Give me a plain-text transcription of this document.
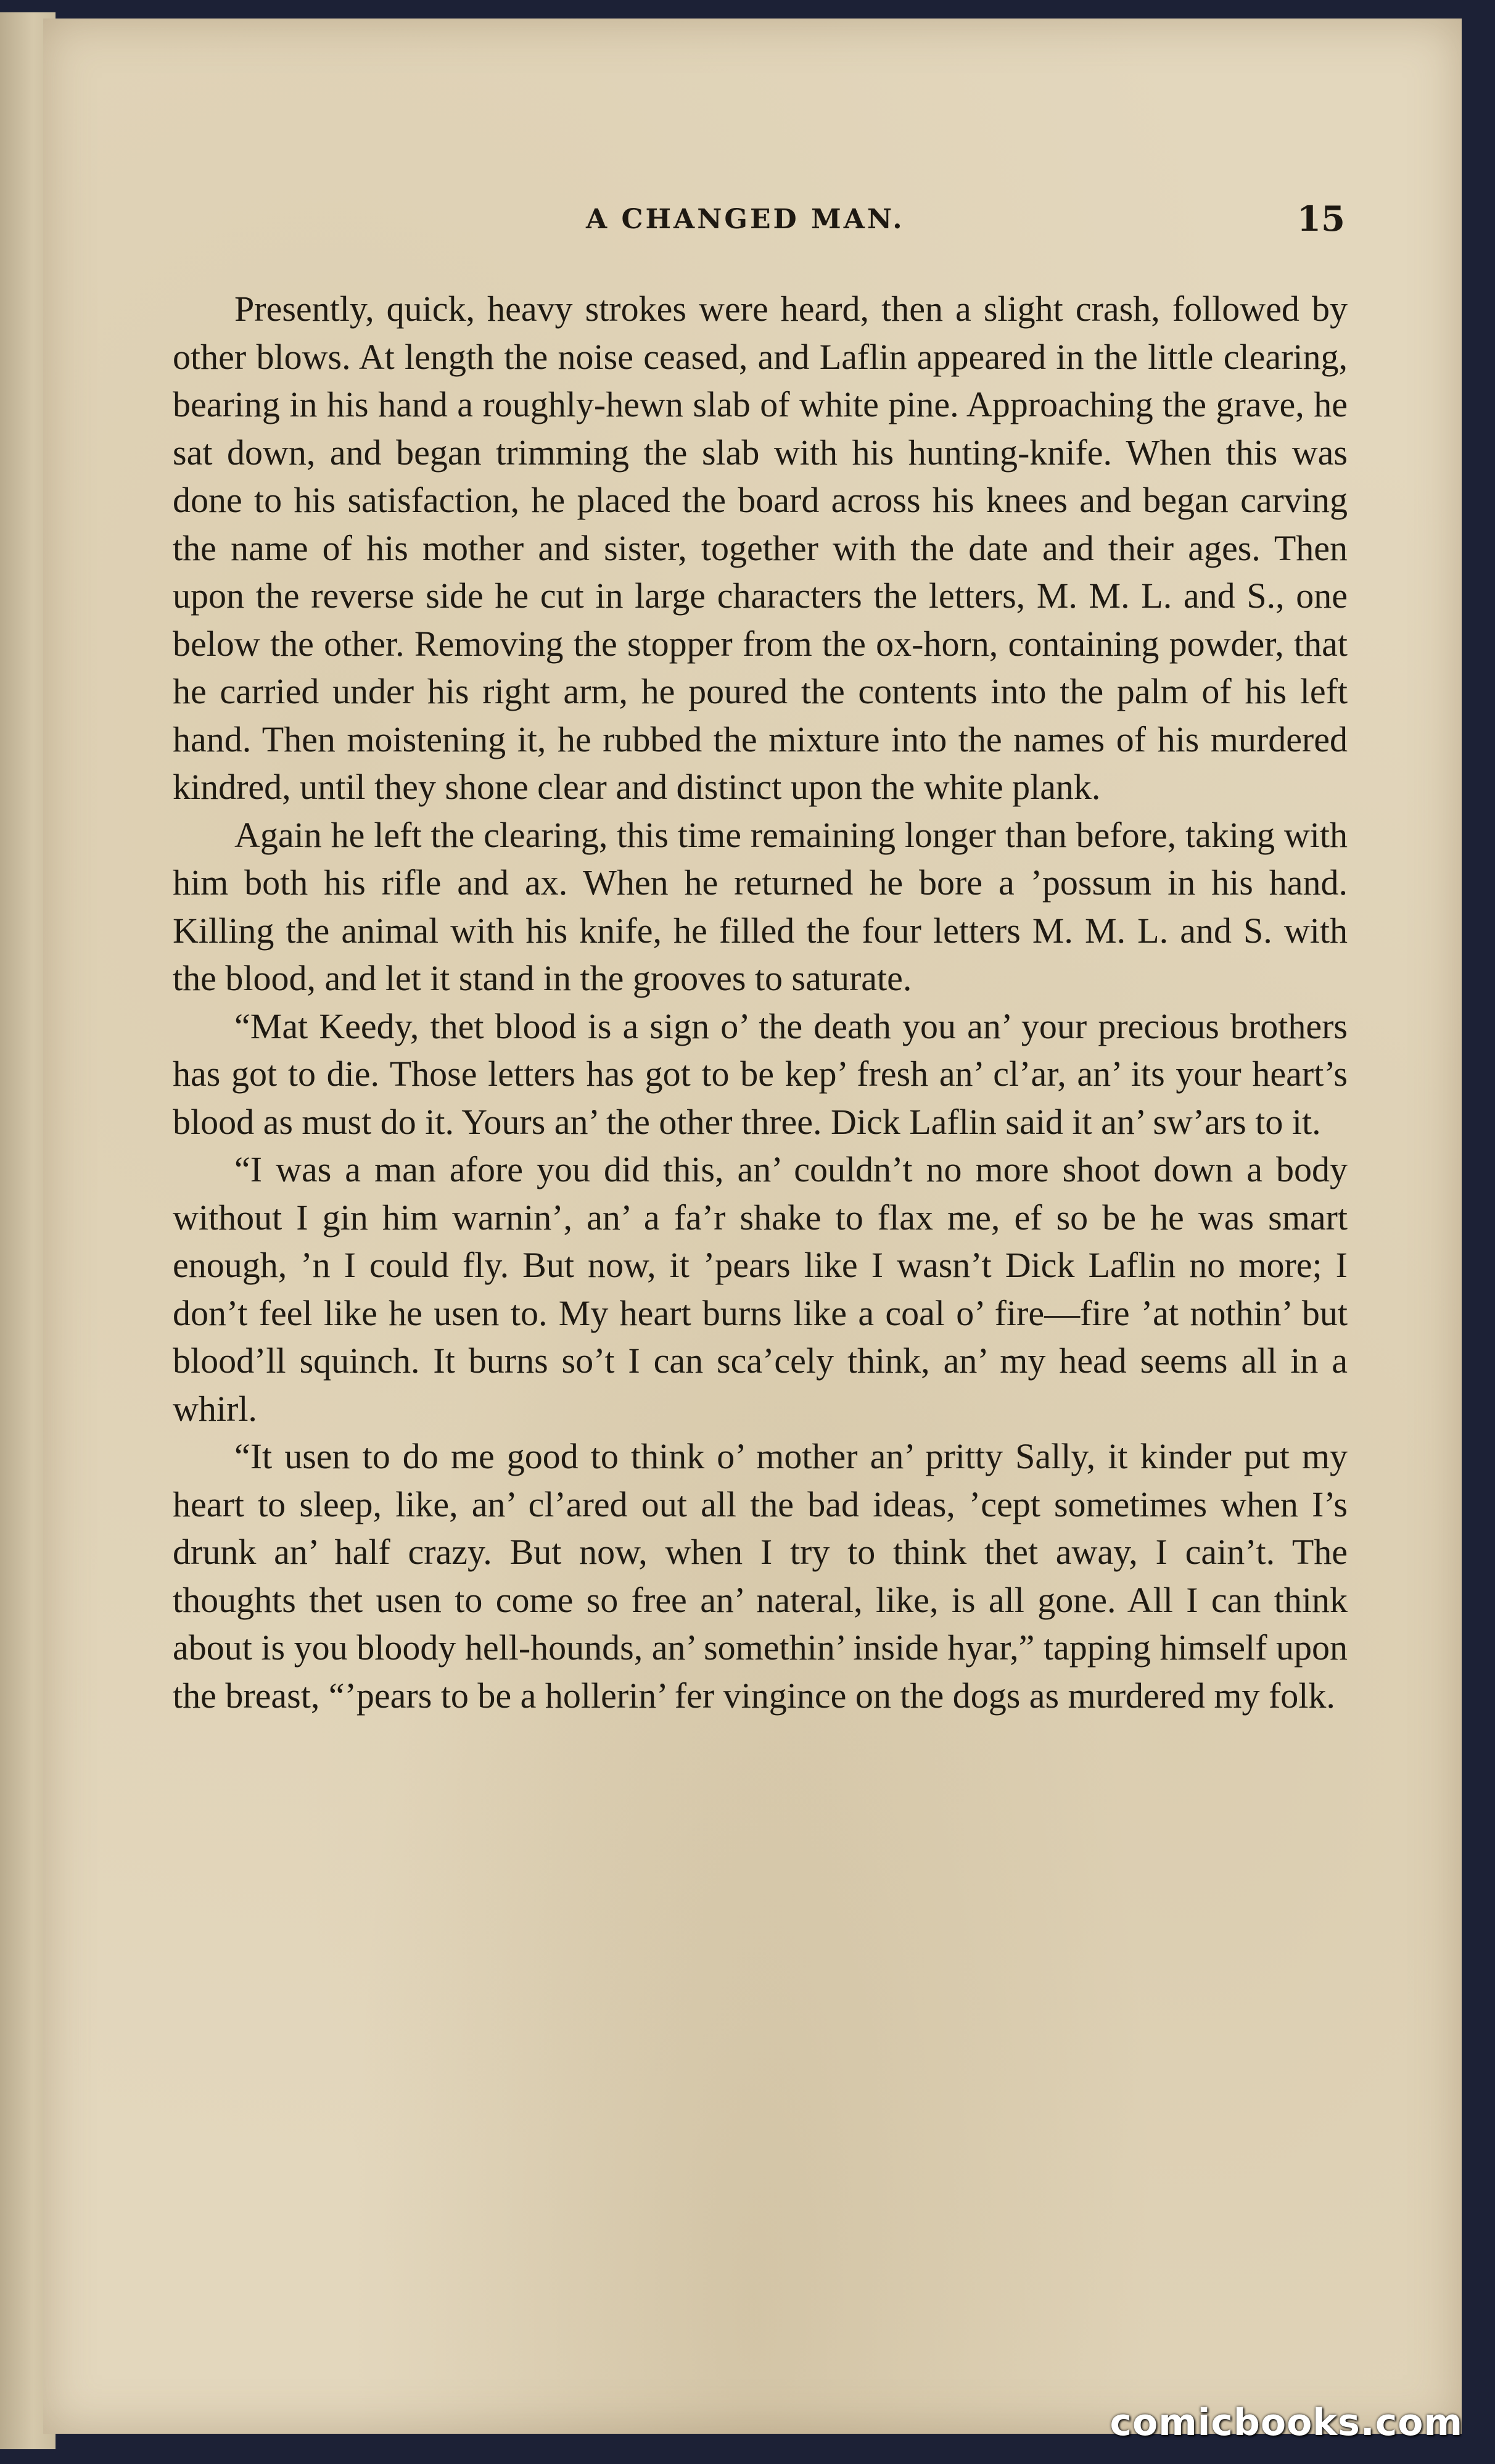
A CHANGED MAN.	15

Presently, quick, heavy strokes were heard, then a slight crash, followed by other blows. At length the noise ceased, and Laflin appeared in the little clearing, bearing in his hand a roughly-hewn slab of white pine. Approaching the grave, he sat down, and began trimming the slab with his hunting-knife. When this was done to his satisfaction, he placed the board across his knees and began carving the name of his mother and sister, together with the date and their ages. Then upon the reverse side he cut in large characters the letters, M. M. L. and S., one below the other. Removing the stopper from the ox-horn, containing powder, that he carried under his right arm, he poured the contents into the palm of his left hand. Then moistening it, he rubbed the mixture into the names of his murdered kindred, until they shone clear and distinct upon the white plank.

Again he left the clearing, this time remaining longer than before, taking with him both his rifle and ax. When he returned he bore a ’possum in his hand. Killing the animal with his knife, he filled the four letters M. M. L. and S. with the blood, and let it stand in the grooves to saturate.

“Mat Keedy, thet blood is a sign o’ the death you an’ your precious brothers has got to die. Those letters has got to be kep’ fresh an’ cl’ar, an’ its your heart’s blood as must do it. Yours an’ the other three. Dick Laflin said it an’ sw’ars to it.

“I was a man afore you did this, an’ couldn’t no more shoot down a body without I gin him warnin’, an’ a fa’r shake to flax me, ef so be he was smart enough, ’n I could fly. But now, it ’pears like I wasn’t Dick Laflin no more; I don’t feel like he usen to. My heart burns like a coal o’ fire—fire ’at nothin’ but blood’ll squinch. It burns so’t I can sca’cely think, an’ my head seems all in a whirl.

“It usen to do me good to think o’ mother an’ pritty Sally, it kinder put my heart to sleep, like, an’ cl’ared out all the bad ideas, ’cept sometimes when I’s drunk an’ half crazy. But now, when I try to think thet away, I cain’t. The thoughts thet usen to come so free an’ nateral, like, is all gone. All I can think about is you bloody hell-hounds, an’ somethin’ inside hyar,” tapping himself upon the breast, “’pears to be a hollerin’ fer vingince on the dogs as murdered my folk.

comicbooks.com
